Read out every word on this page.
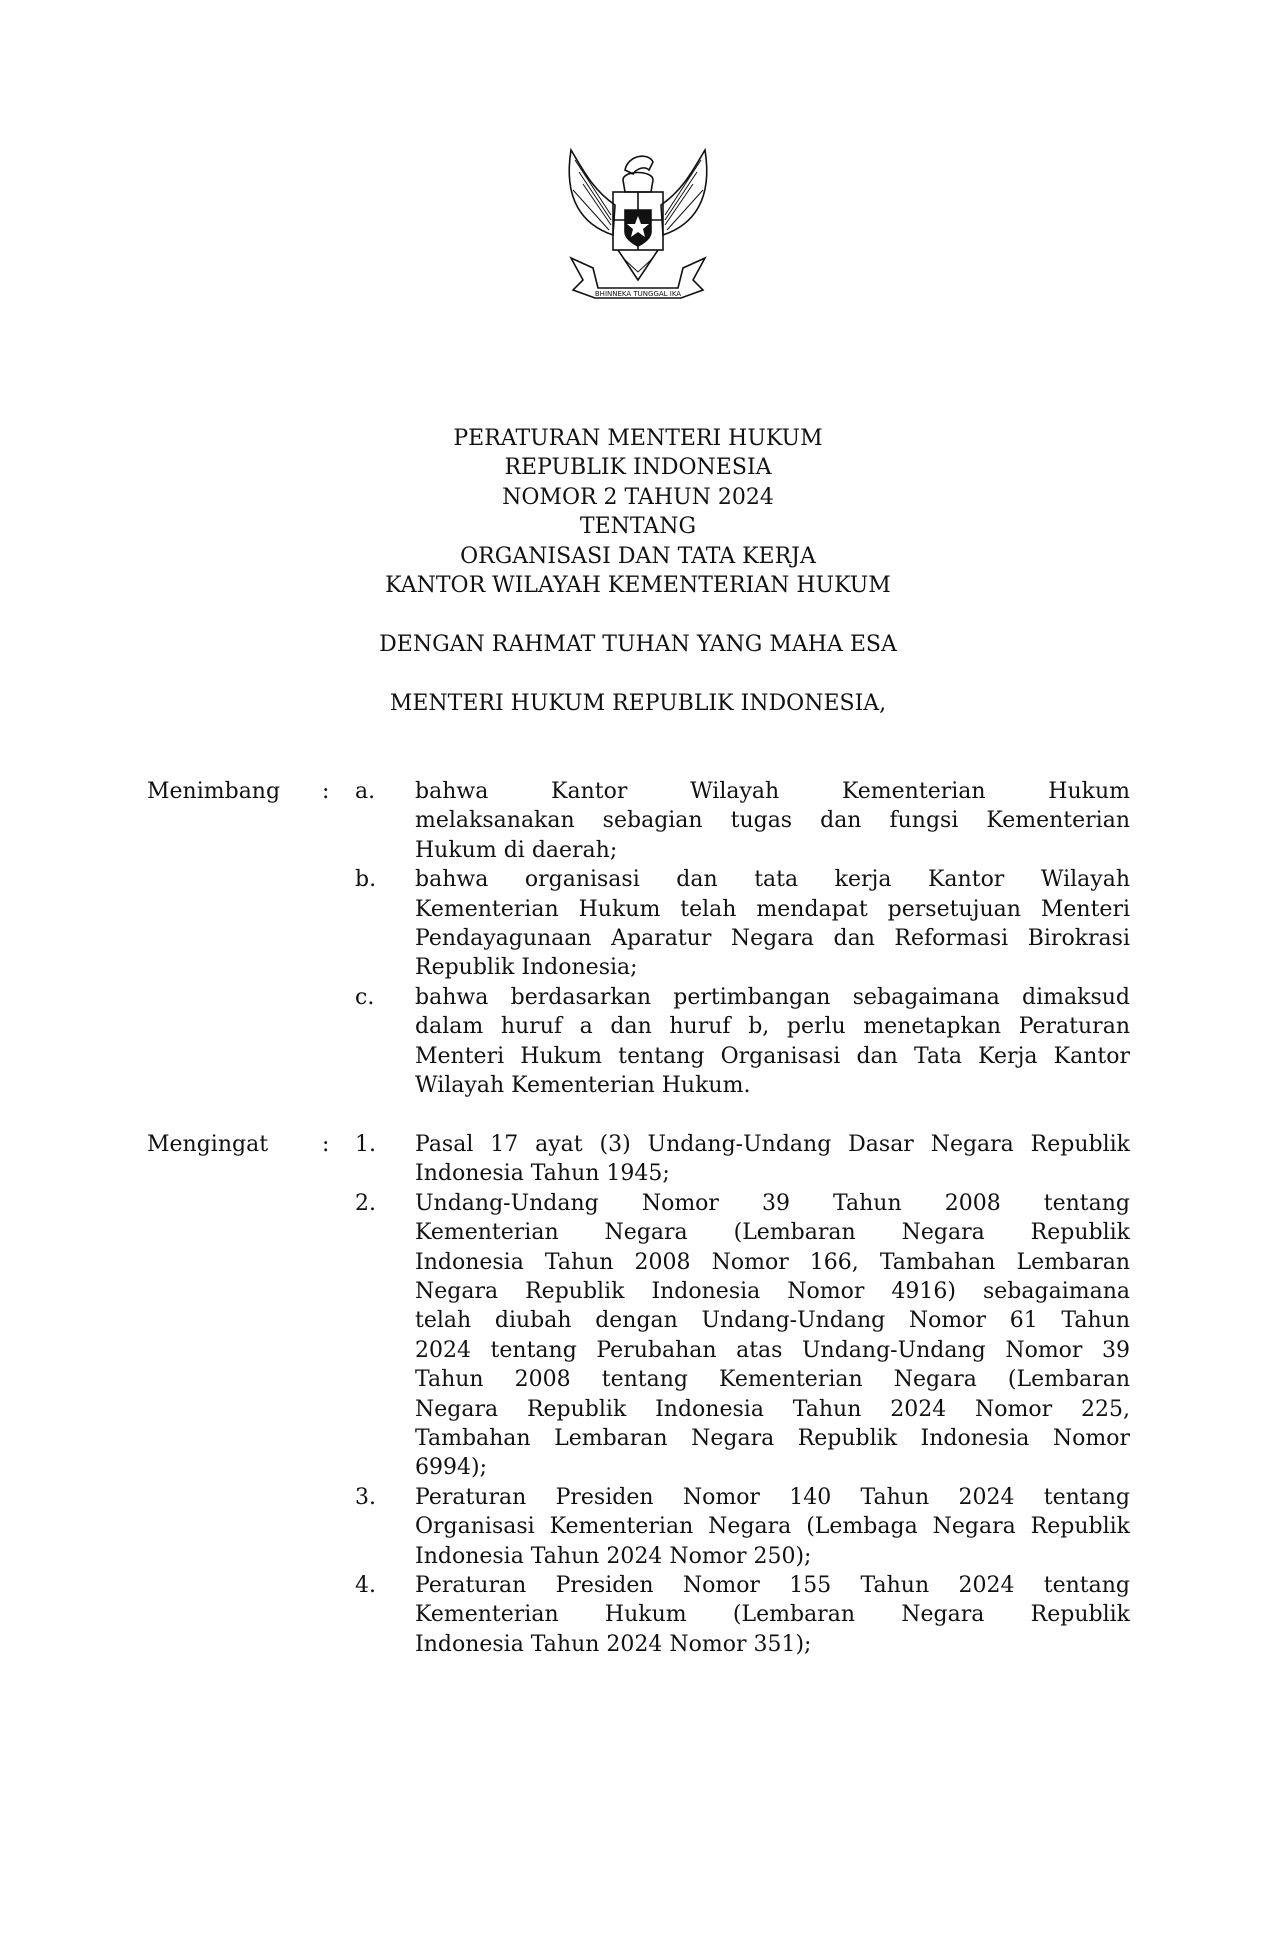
BHINNEKA TUNGGAL IKA
PERATURAN MENTERI HUKUM
REPUBLIK INDONESIA
NOMOR 2 TAHUN 2024
TENTANG
ORGANISASI DAN TATA KERJA
KANTOR WILAYAH KEMENTERIAN HUKUM
DENGAN RAHMAT TUHAN YANG MAHA ESA
MENTERI HUKUM REPUBLIK INDONESIA,
Menimbang : a. bahwa Kantor Wilayah Kementerian Hukum
melaksanakan sebagian tugas dan fungsi Kementerian
Hukum di daerah;
b. bahwa organisasi dan tata kerja Kantor Wilayah
Kementerian Hukum telah mendapat persetujuan Menteri
Pendayagunaan Aparatur Negara dan Reformasi Birokrasi
Republik Indonesia;
c. bahwa berdasarkan pertimbangan sebagaimana dimaksud
dalam huruf a dan huruf b, perlu menetapkan Peraturan
Menteri Hukum tentang Organisasi dan Tata Kerja Kantor
Wilayah Kementerian Hukum.
Mengingat : 1. Pasal 17 ayat (3) Undang-Undang Dasar Negara Republik
Indonesia Tahun 1945;
2. Undang-Undang Nomor 39 Tahun 2008 tentang
Kementerian Negara (Lembaran Negara Republik
Indonesia Tahun 2008 Nomor 166, Tambahan Lembaran
Negara Republik Indonesia Nomor 4916) sebagaimana
telah diubah dengan Undang-Undang Nomor 61 Tahun
2024 tentang Perubahan atas Undang-Undang Nomor 39
Tahun 2008 tentang Kementerian Negara (Lembaran
Negara Republik Indonesia Tahun 2024 Nomor 225,
Tambahan Lembaran Negara Republik Indonesia Nomor
6994);
3. Peraturan Presiden Nomor 140 Tahun 2024 tentang
Organisasi Kementerian Negara (Lembaga Negara Republik
Indonesia Tahun 2024 Nomor 250);
4. Peraturan Presiden Nomor 155 Tahun 2024 tentang
Kementerian Hukum (Lembaran Negara Republik
Indonesia Tahun 2024 Nomor 351);
